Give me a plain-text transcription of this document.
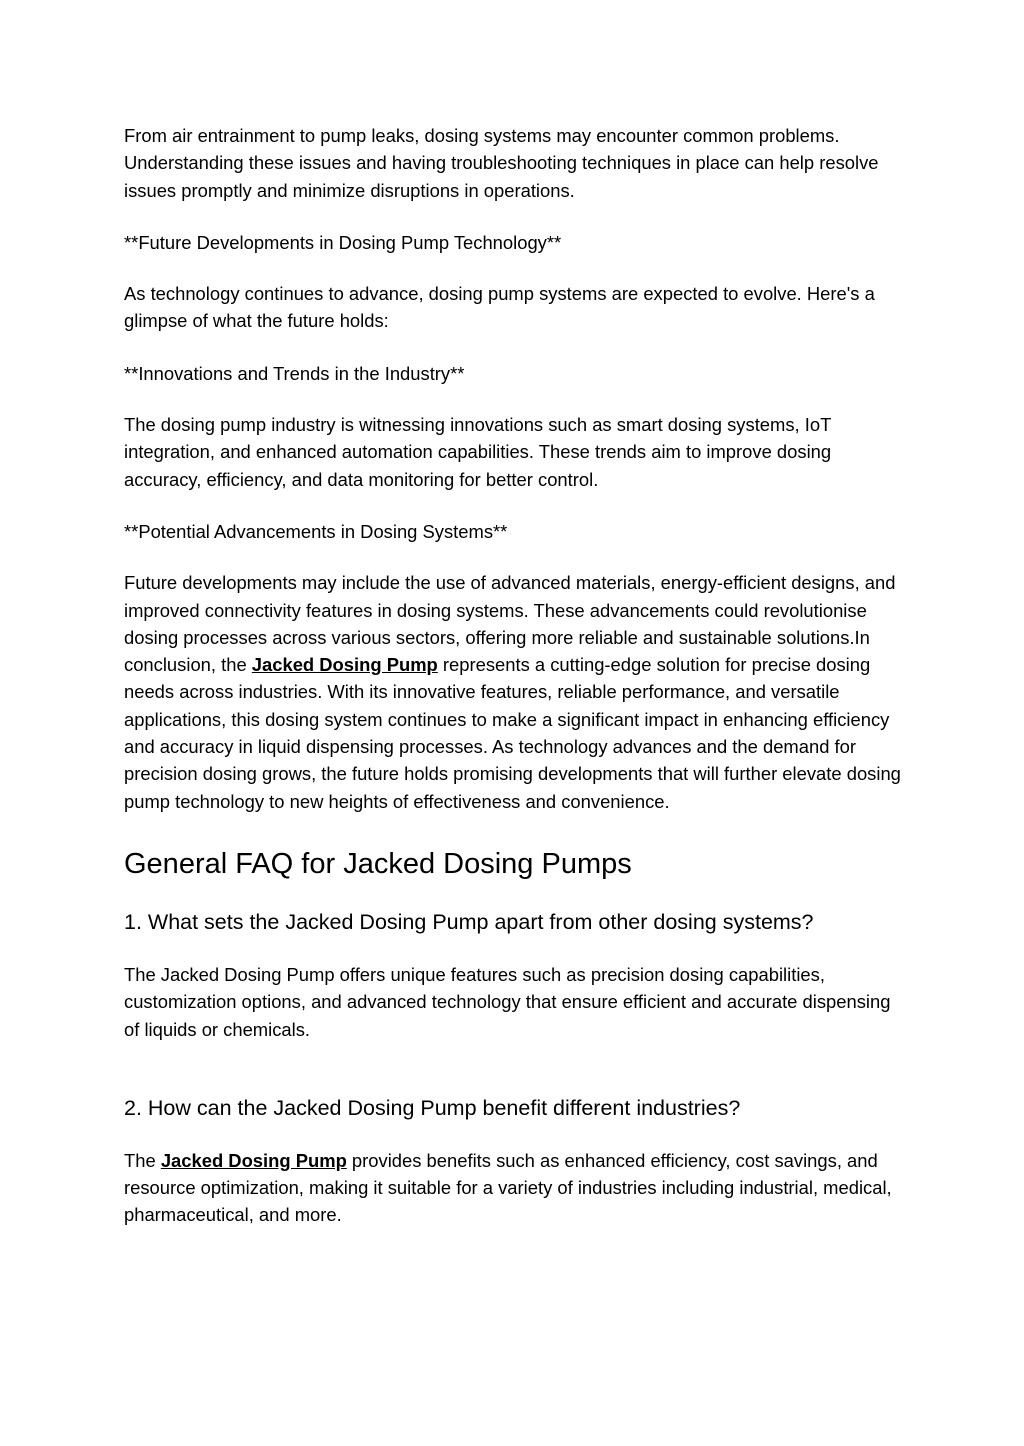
From air entrainment to pump leaks, dosing systems may encounter common problems. Understanding these issues and having troubleshooting techniques in place can help resolve issues promptly and minimize disruptions in operations.

**Future Developments in Dosing Pump Technology**

As technology continues to advance, dosing pump systems are expected to evolve. Here's a glimpse of what the future holds:

**Innovations and Trends in the Industry**

The dosing pump industry is witnessing innovations such as smart dosing systems, IoT integration, and enhanced automation capabilities. These trends aim to improve dosing accuracy, efficiency, and data monitoring for better control.

**Potential Advancements in Dosing Systems**

Future developments may include the use of advanced materials, energy-efficient designs, and improved connectivity features in dosing systems. These advancements could revolutionise dosing processes across various sectors, offering more reliable and sustainable solutions.In conclusion, the Jacked Dosing Pump represents a cutting-edge solution for precise dosing needs across industries. With its innovative features, reliable performance, and versatile applications, this dosing system continues to make a significant impact in enhancing efficiency and accuracy in liquid dispensing processes. As technology advances and the demand for precision dosing grows, the future holds promising developments that will further elevate dosing pump technology to new heights of effectiveness and convenience.

General FAQ for Jacked Dosing Pumps
1. What sets the Jacked Dosing Pump apart from other dosing systems?

The Jacked Dosing Pump offers unique features such as precision dosing capabilities, customization options, and advanced technology that ensure efficient and accurate dispensing of liquids or chemicals.

2. How can the Jacked Dosing Pump benefit different industries?

The Jacked Dosing Pump provides benefits such as enhanced efficiency, cost savings, and resource optimization, making it suitable for a variety of industries including industrial, medical, pharmaceutical, and more.
